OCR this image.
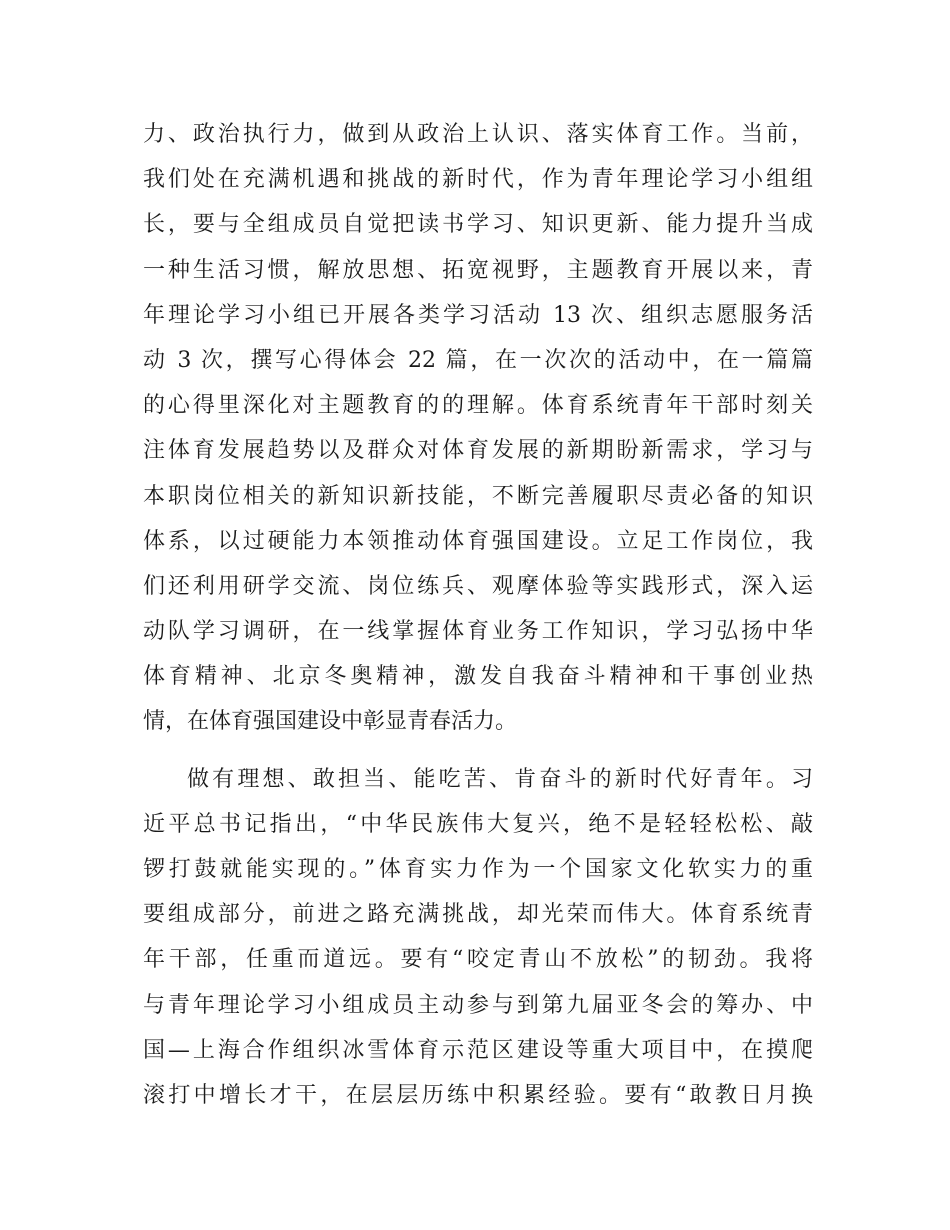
力、政治执行力，做到从政治上认识、落实体育工作。当前，
我们处在充满机遇和挑战的新时代，作为青年理论学习小组组
长，要与全组成员自觉把读书学习、知识更新、能力提升当成
一种生活习惯，解放思想、拓宽视野，主题教育开展以来，青
年理论学习小组已开展各类学习活动 13 次、组织志愿服务活
动 3 次，撰写心得体会 22 篇，在一次次的活动中，在一篇篇
的心得里深化对主题教育的的理解。体育系统青年干部时刻关
注体育发展趋势以及群众对体育发展的新期盼新需求，学习与
本职岗位相关的新知识新技能，不断完善履职尽责必备的知识
体系，以过硬能力本领推动体育强国建设。立足工作岗位，我
们还利用研学交流、岗位练兵、观摩体验等实践形式，深入运
动队学习调研，在一线掌握体育业务工作知识，学习弘扬中华
体育精神、北京冬奥精神，激发自我奋斗精神和干事创业热
情，在体育强国建设中彰显青春活力。
做有理想、敢担当、能吃苦、肯奋斗的新时代好青年。习
近平总书记指出，“中华民族伟大复兴，绝不是轻轻松松、敲
锣打鼓就能实现的。”体育实力作为一个国家文化软实力的重
要组成部分，前进之路充满挑战，却光荣而伟大。体育系统青
年干部，任重而道远。要有“咬定青山不放松”的韧劲。我将
与青年理论学习小组成员主动参与到第九届亚冬会的筹办、中
国—上海合作组织冰雪体育示范区建设等重大项目中，在摸爬
滚打中增长才干，在层层历练中积累经验。要有“敢教日月换
